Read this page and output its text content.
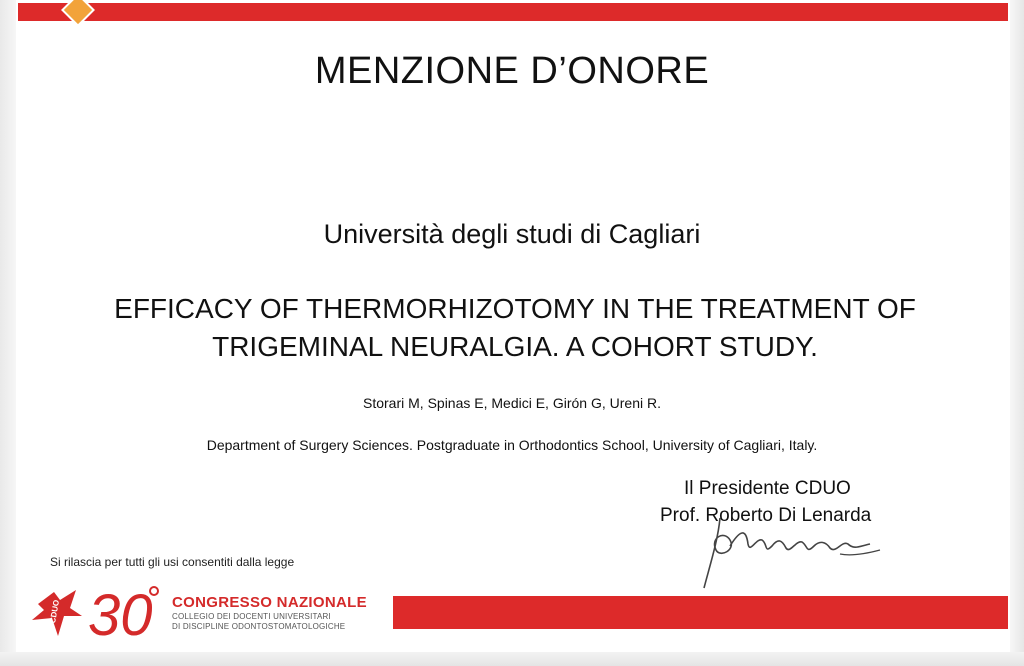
MENZIONE D’ONORE
Università degli studi di Cagliari
EFFICACY OF THERMORHIZOTOMY IN THE TREATMENT OF
TRIGEMINAL NEURALGIA. A COHORT STUDY.
Storari M, Spinas E, Medici E, Girón G, Ureni R.
Department of Surgery Sciences. Postgraduate in Orthodontics School, University of Cagliari, Italy.
Il Presidente CDUO
Prof. Roberto Di Lenarda
Si rilascia per tutti gli usi consentiti dalla legge
CDUO 30 CONGRESSO NAZIONALE
COLLEGIO DEI DOCENTI UNIVERSITARI
DI DISCIPLINE ODONTOSTOMATOLOGICHE
